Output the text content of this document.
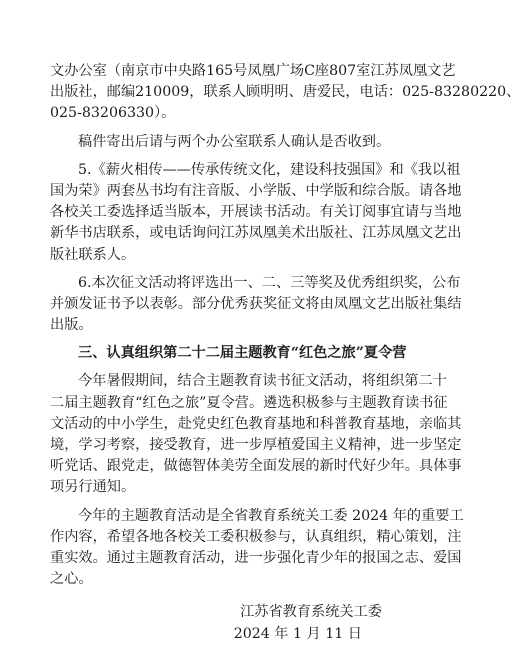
文办公室（南京市中央路165号凤凰广场C座807室江苏凤凰文艺
出版社，邮编210009，联系人顾明明、唐爱民，电话：025-83280220、
025-83206330）。
稿件寄出后请与两个办公室联系人确认是否收到。
5.《薪火相传——传承传统文化，建设科技强国》和《我以祖
国为荣》两套丛书均有注音版、小学版、中学版和综合版。请各地
各校关工委选择适当版本，开展读书活动。有关订阅事宜请与当地
新华书店联系，或电话询问江苏凤凰美术出版社、江苏凤凰文艺出
版社联系人。
6.本次征文活动将评选出一、二、三等奖及优秀组织奖，公布
并颁发证书予以表彰。部分优秀获奖征文将由凤凰文艺出版社集结
出版。
三、认真组织第二十二届主题教育“红色之旅”夏令营
今年暑假期间，结合主题教育读书征文活动，将组织第二十
二届主题教育“红色之旅”夏令营。遴选积极参与主题教育读书征
文活动的中小学生，赴党史红色教育基地和科普教育基地，亲临其
境，学习考察，接受教育，进一步厚植爱国主义精神，进一步坚定
听党话、跟党走，做德智体美劳全面发展的新时代好少年。具体事
项另行通知。
今年的主题教育活动是全省教育系统关工委 2024 年的重要工
作内容，希望各地各校关工委积极参与，认真组织，精心策划，注
重实效。通过主题教育活动，进一步强化青少年的报国之志、爱国
之心。
江苏省教育系统关工委
2024 年 1 月 11 日
